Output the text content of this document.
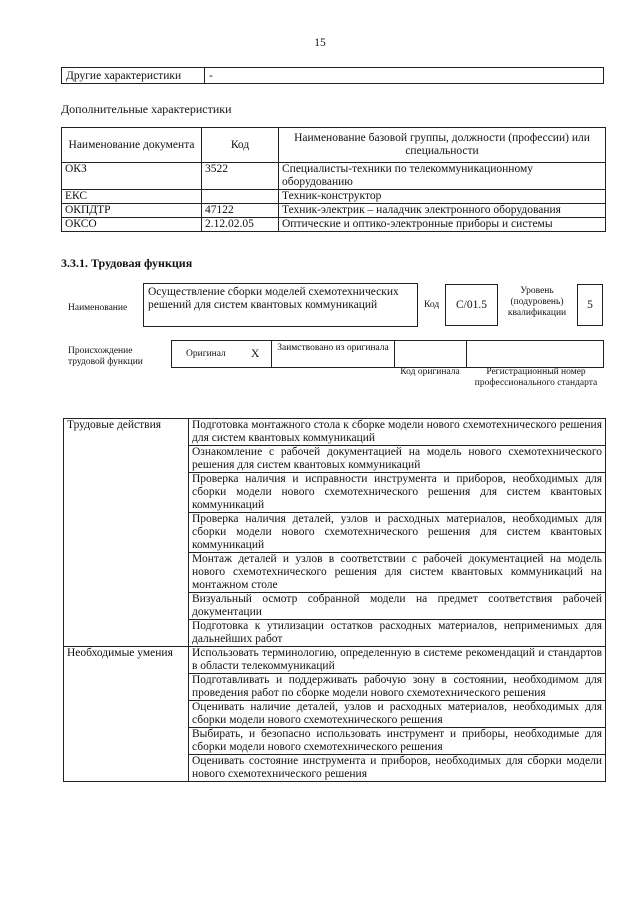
15
Другие характеристики -
Дополнительные характеристики
Наименование документа	Код	Наименование базовой группы, должности (профессии) или специальности
ОКЗ	3522	Специалисты-техники по телекоммуникационному оборудованию
ЕКС		Техник-конструктор
ОКПДТР	47122	Техник-электрик – наладчик электронного оборудования
ОКСО	2.12.02.05	Оптические и оптико-электронные приборы и системы
3.3.1. Трудовая функция
Наименование
Осуществление сборки моделей схемотехнических решений для систем квантовых коммуникаций	Код	C/01.5
Уровень (подуровень) квалификации
5
Происхождение трудовой функции
Оригинал X	Заимствовано из оригинала
Код оригинала	Регистрационный номер профессионального стандарта
Трудовые действия	Подготовка монтажного стола к сборке модели нового схемотехнического решения для систем квантовых коммуникаций
	Ознакомление с рабочей документацией на модель нового схемотехнического решения для систем квантовых коммуникаций
	Проверка наличия и исправности инструмента и приборов, необходимых для сборки модели нового схемотехнического решения для систем квантовых коммуникаций
	Проверка наличия деталей, узлов и расходных материалов, необходимых для сборки модели нового схемотехнического решения для систем квантовых коммуникаций
	Монтаж деталей и узлов в соответствии с рабочей документацией на модель нового схемотехнического решения для систем квантовых коммуникаций на монтажном столе
	Визуальный осмотр собранной модели на предмет соответствия рабочей документации
	Подготовка к утилизации остатков расходных материалов, неприменимых для дальнейших работ
Необходимые умения	Использовать терминологию, определенную в системе рекомендаций и стандартов в области телекоммуникаций
	Подготавливать и поддерживать рабочую зону в состоянии, необходимом для проведения работ по сборке модели нового схемотехнического решения
	Оценивать наличие деталей, узлов и расходных материалов, необходимых для сборки модели нового схемотехнического решения
	Выбирать, и безопасно использовать инструмент и приборы, необходимые для сборки модели нового схемотехнического решения
	Оценивать состояние инструмента и приборов, необходимых для сборки модели нового схемотехнического решения
